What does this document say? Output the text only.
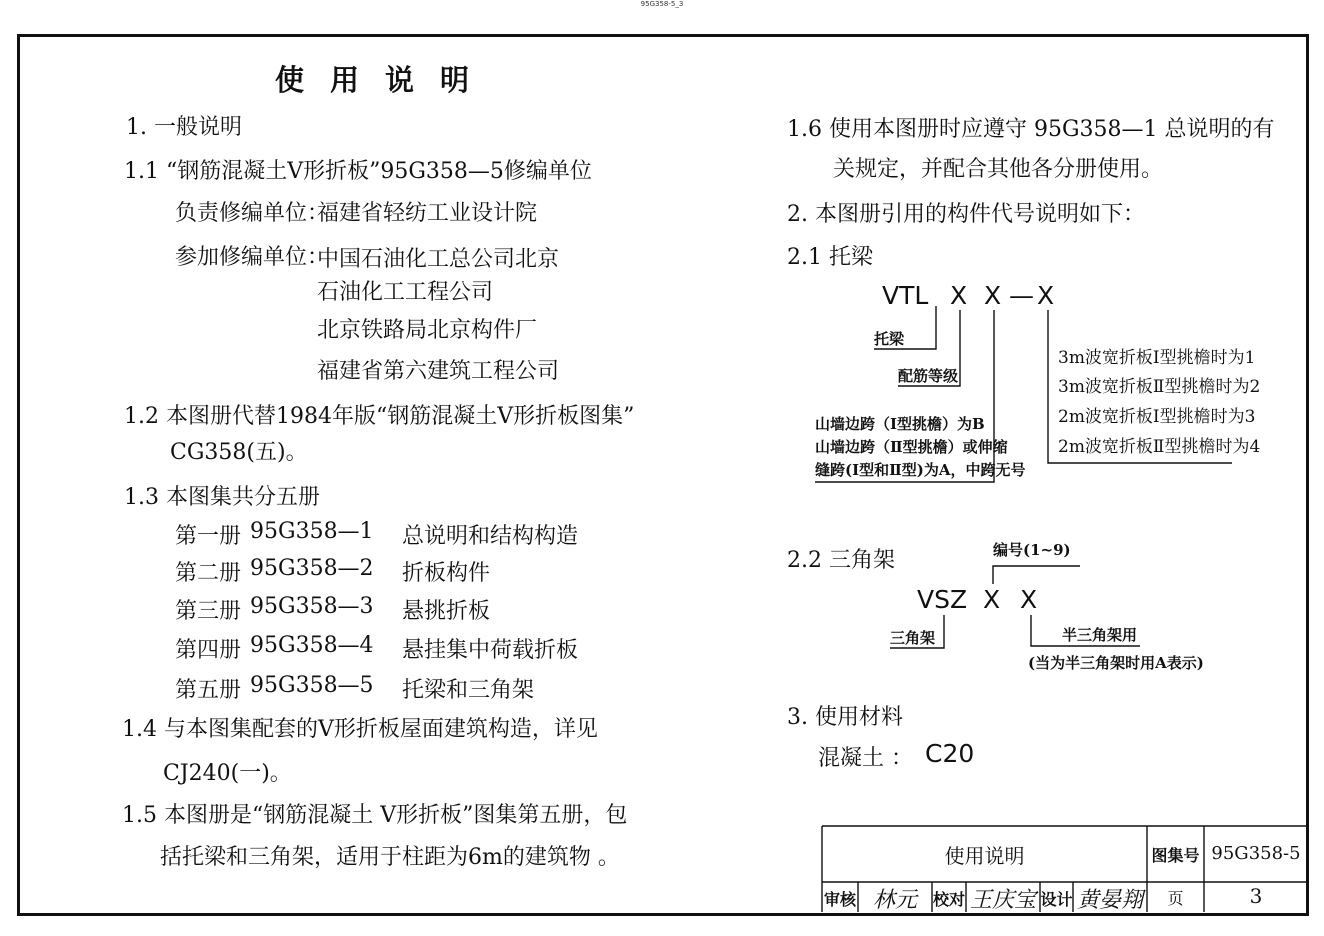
95G358-5_3
使用说明
1. 一般说明
1.1 “钢筋混凝土V形折板”95G358—5修编单位
负责修编单位：
福建省轻纺工业设计院
参加修编单位：
中国石油化工总公司北京
石油化工工程公司
北京铁路局北京构件厂
福建省第六建筑工程公司
1.2 本图册代替1984年版“钢筋混凝土V形折板图集”
CG358(五)。
1.3 本图集共分五册
第一册 95G358—1 总说明和结构构造
第二册 95G358—2 折板构件
第三册 95G358—3 悬挑折板
第四册 95G358—4 悬挂集中荷载折板
第五册 95G358—5 托梁和三角架
1.4 与本图集配套的V形折板屋面建筑构造，详见
CJ240(一)。
1.5 本图册是“钢筋混凝土 V形折板”图集第五册，包
括托梁和三角架，适用于柱距为6m的建筑物 。
1.6 使用本图册时应遵守 95G358—1 总说明的有
关规定，并配合其他各分册使用。
2. 本图册引用的构件代号说明如下：
2.1 托梁
VTL X X — X
托梁
配筋等级
山墙边跨（Ⅰ型挑檐）为B
山墙边跨（Ⅱ型挑檐）或伸缩
缝跨(Ⅰ型和Ⅱ型)为A，中跨无号
3m波宽折板Ⅰ型挑檐时为1
3m波宽折板Ⅱ型挑檐时为2
2m波宽折板Ⅰ型挑檐时为3
2m波宽折板Ⅱ型挑檐时为4
2.2 三角架	编号(1~9)
VSZ X X
三角架	半三角架用
(当为半三角架时用A表示)
3. 使用材料
混凝土 ： C20
使用说明	图集号 95G358-5
审核 林元 校对 王庆宝 设计 黄晏翔	页	3
